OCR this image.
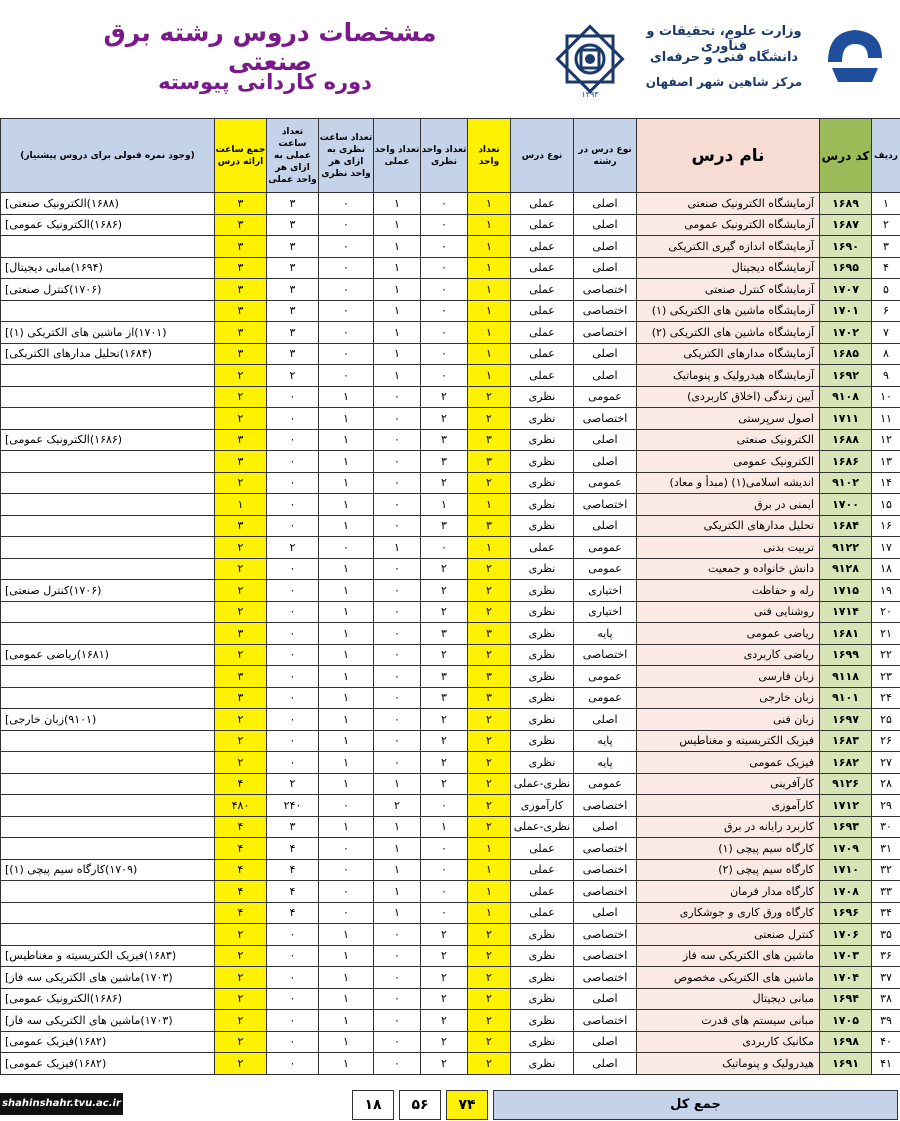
مشخصات دروس رشته برق صنعتی
دوره کاردانی پیوسته
۱۳۹۳
وزارت علوم، تحقیقات و فنآوری
دانشگاه فنی و حرفه‌ای
مرکز شاهین شهر اصفهان
ردیف	کد درس	نام درس	نوع درس در رشته	نوع درس	تعداد واحد	تعداد واحد نظری	تعداد واحد عملی	تعداد ساعت نظری به ازای هر واحد نظری	تعداد ساعت عملی به ازای هر واحد عملی	جمع ساعت ارائه درس	(وجود نمره قبولی برای دروس پیشنیاز)
۱	۱۶۸۹	آزمایشگاه الکترونیک صنعتی	اصلی	عملی	۱	۰	۱	۰	۳	۳	(۱۶۸۸)الکترونیک صنعتی]
۲	۱۶۸۷	آزمایشگاه الکترونیک عمومی	اصلی	عملی	۱	۰	۱	۰	۳	۳	(۱۶۸۶)الکترونیک عمومی]
۳	۱۶۹۰	آزمایشگاه اندازه گیری الکتریکی	اصلی	عملی	۱	۰	۱	۰	۳	۳	
۴	۱۶۹۵	آزمایشگاه دیجیتال	اصلی	عملی	۱	۰	۱	۰	۳	۳	(۱۶۹۴)مبانی دیجیتال]
۵	۱۷۰۷	آزمایشگاه کنترل صنعتی	اختصاصی	عملی	۱	۰	۱	۰	۳	۳	(۱۷۰۶)کنترل صنعتی]
۶	۱۷۰۱	آزمایشگاه ماشین های الکتریکی (۱)	اختصاصی	عملی	۱	۰	۱	۰	۳	۳	
۷	۱۷۰۲	آزمایشگاه ماشین های الکتریکی (۲)	اختصاصی	عملی	۱	۰	۱	۰	۳	۳	(۱۷۰۱)از ماشین های الکتریکی (۱)]
۸	۱۶۸۵	آزمایشگاه مدارهای الکتریکی	اصلی	عملی	۱	۰	۱	۰	۳	۳	(۱۶۸۴)تحلیل مدارهای الکتریکی]
۹	۱۶۹۲	آزمایشگاه هیدرولیک و پنوماتیک	اصلی	عملی	۱	۰	۱	۰	۲	۲	
۱۰	۹۱۰۸	آیین زندگی (اخلاق کاربردی)	عمومی	نظری	۲	۲	۰	۱	۰	۲	
۱۱	۱۷۱۱	اصول سرپرستی	اختصاصی	نظری	۲	۲	۰	۱	۰	۲	
۱۲	۱۶۸۸	الکترونیک صنعتی	اصلی	نظری	۳	۳	۰	۱	۰	۳	(۱۶۸۶)الکترونیک عمومی]
۱۳	۱۶۸۶	الکترونیک عمومی	اصلی	نظری	۳	۳	۰	۱	۰	۳	
۱۴	۹۱۰۲	اندیشه اسلامی(۱) (مبدأ و معاد)	عمومی	نظری	۲	۲	۰	۱	۰	۲	
۱۵	۱۷۰۰	ایمنی در برق	اختصاصی	نظری	۱	۱	۰	۱	۰	۱	
۱۶	۱۶۸۴	تحلیل مدارهای الکتریکی	اصلی	نظری	۳	۳	۰	۱	۰	۳	
۱۷	۹۱۲۲	تربیت بدنی	عمومی	عملی	۱	۰	۱	۰	۲	۲	
۱۸	۹۱۲۸	دانش خانواده و جمعیت	عمومی	نظری	۲	۲	۰	۱	۰	۲	
۱۹	۱۷۱۵	رله و حفاظت	اختیاری	نظری	۲	۲	۰	۱	۰	۲	(۱۷۰۶)کنترل صنعتی]
۲۰	۱۷۱۴	روشنایی فنی	اختیاری	نظری	۲	۲	۰	۱	۰	۲	
۲۱	۱۶۸۱	ریاضی عمومی	پایه	نظری	۳	۳	۰	۱	۰	۳	
۲۲	۱۶۹۹	ریاضی کاربردی	اختصاصی	نظری	۲	۲	۰	۱	۰	۲	(۱۶۸۱)ریاضی عمومی]
۲۳	۹۱۱۸	زبان فارسی	عمومی	نظری	۳	۳	۰	۱	۰	۳	
۲۴	۹۱۰۱	زبان خارجی	عمومی	نظری	۳	۳	۰	۱	۰	۳	
۲۵	۱۶۹۷	زبان فنی	اصلی	نظری	۲	۲	۰	۱	۰	۲	(۹۱۰۱)زبان خارجی]
۲۶	۱۶۸۳	فیزیک الکتریسیته و مغناطیس	پایه	نظری	۲	۲	۰	۱	۰	۲	
۲۷	۱۶۸۲	فیزیک عمومی	پایه	نظری	۲	۲	۰	۱	۰	۲	
۲۸	۹۱۲۶	کارآفرینی	عمومی	نظری-عملی	۲	۲	۱	۱	۲	۴	
۲۹	۱۷۱۲	کارآموزی	اختصاصی	کارآموزی	۲	۰	۲	۰	۲۴۰	۴۸۰	
۳۰	۱۶۹۳	کاربرد رایانه در برق	اصلی	نظری-عملی	۲	۱	۱	۱	۳	۴	
۳۱	۱۷۰۹	کارگاه سیم پیچی (۱)	اختصاصی	عملی	۱	۰	۱	۰	۴	۴	
۳۲	۱۷۱۰	کارگاه سیم پیچی (۲)	اختصاصی	عملی	۱	۰	۱	۰	۴	۴	(۱۷۰۹)کارگاه سیم پیچی (۱)]
۳۳	۱۷۰۸	کارگاه مدار فرمان	اختصاصی	عملی	۱	۰	۱	۰	۴	۴	
۳۴	۱۶۹۶	کارگاه ورق کاری و جوشکاری	اصلی	عملی	۱	۰	۱	۰	۴	۴	
۳۵	۱۷۰۶	کنترل صنعتی	اختصاصی	نظری	۲	۲	۰	۱	۰	۲	
۳۶	۱۷۰۳	ماشین های الکتریکی سه فاز	اختصاصی	نظری	۲	۲	۰	۱	۰	۲	(۱۶۸۳)فیزیک الکتریسیته و مغناطیس]
۳۷	۱۷۰۴	ماشین های الکتریکی مخصوص	اختصاصی	نظری	۲	۲	۰	۱	۰	۲	(۱۷۰۳)ماشین های الکتریکی سه فاز]
۳۸	۱۶۹۴	مبانی دیجیتال	اصلی	نظری	۲	۲	۰	۱	۰	۲	(۱۶۸۶)الکترونیک عمومی]
۳۹	۱۷۰۵	مبانی سیستم های قدرت	اختصاصی	نظری	۲	۲	۰	۱	۰	۲	(۱۷۰۳)ماشین های الکتریکی سه فاز]
۴۰	۱۶۹۸	مکانیک کاربردی	اصلی	نظری	۲	۲	۰	۱	۰	۲	(۱۶۸۲)فیزیک عمومی]
۴۱	۱۶۹۱	هیدرولیک و پنوماتیک	اصلی	نظری	۲	۲	۰	۱	۰	۲	(۱۶۸۲)فیزیک عمومی]
shahinshahr.tvu.ac.ir	جمع کل
۷۴
۵۶
۱۸
